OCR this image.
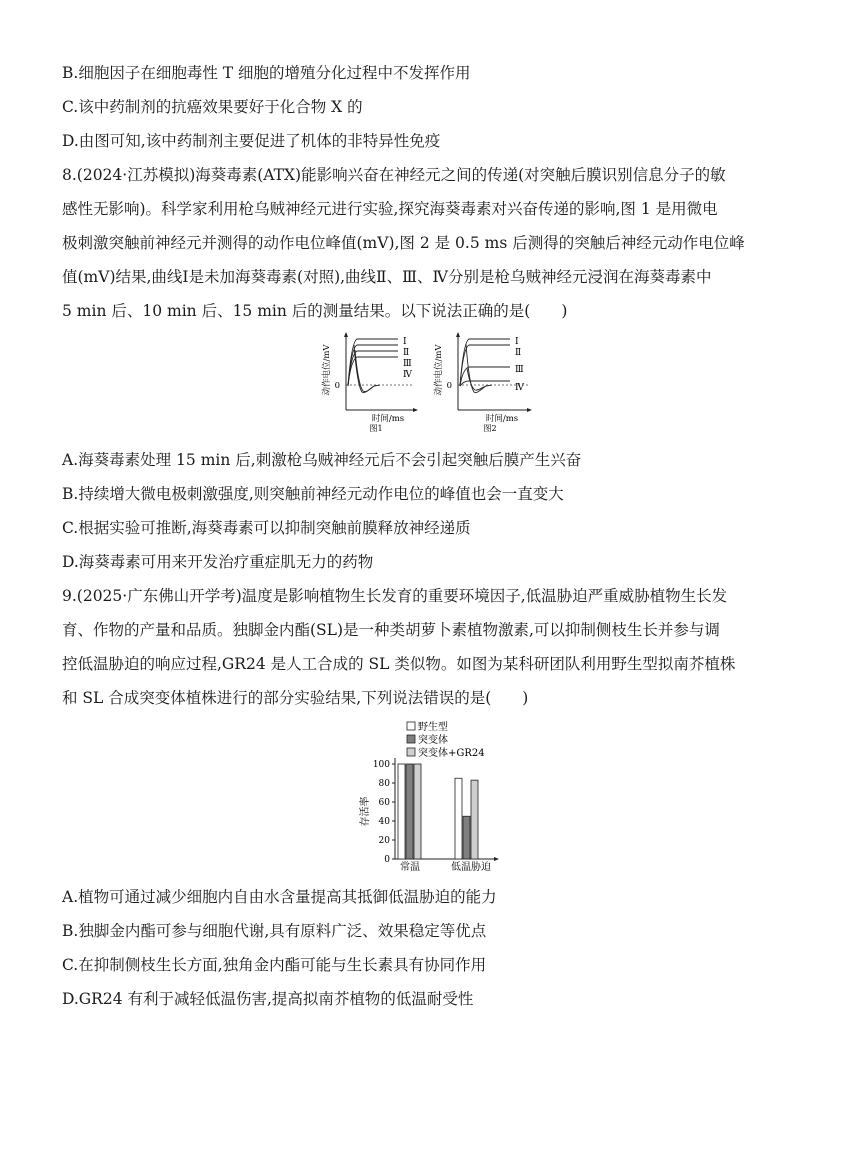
B.细胞因子在细胞毒性 T 细胞的增殖分化过程中不发挥作用
C.该中药制剂的抗癌效果要好于化合物 X 的
D.由图可知,该中药制剂主要促进了机体的非特异性免疫
8.(2024·江苏模拟)海葵毒素(ATX)能影响兴奋在神经元之间的传递(对突触后膜识别信息分子的敏
感性无影响)。科学家利用枪乌贼神经元进行实验,探究海葵毒素对兴奋传递的影响,图 1 是用微电
极刺激突触前神经元并测得的动作电位峰值(mV),图 2 是 0.5 ms 后测得的突触后神经元动作电位峰
值(mV)结果,曲线Ⅰ是未加海葵毒素(对照),曲线Ⅱ、Ⅲ、Ⅳ分别是枪乌贼神经元浸润在海葵毒素中
5 min 后、10 min 后、15 min 后的测量结果。以下说法正确的是(　　)
动作电位/mV 0
Ⅰ
Ⅱ
Ⅲ
Ⅳ
时间/ms
图1
动作电位/mV 0
Ⅰ
Ⅱ
Ⅲ
Ⅳ
时间/ms
图2
A.海葵毒素处理 15 min 后,刺激枪乌贼神经元后不会引起突触后膜产生兴奋
B.持续增大微电极刺激强度,则突触前神经元动作电位的峰值也会一直变大
C.根据实验可推断,海葵毒素可以抑制突触前膜释放神经递质
D.海葵毒素可用来开发治疗重症肌无力的药物
9.(2025·广东佛山开学考)温度是影响植物生长发育的重要环境因子,低温胁迫严重威胁植物生长发
育、作物的产量和品质。独脚金内酯(SL)是一种类胡萝卜素植物激素,可以抑制侧枝生长并参与调
控低温胁迫的响应过程,GR24 是人工合成的 SL 类似物。如图为某科研团队利用野生型拟南芥植株
和 SL 合成突变体植株进行的部分实验结果,下列说法错误的是(　　)
野生型
突变体
突变体+GR24
0
20
40
60
80
100
存活率
常温	低温胁迫
A.植物可通过减少细胞内自由水含量提高其抵御低温胁迫的能力
B.独脚金内酯可参与细胞代谢,具有原料广泛、效果稳定等优点
C.在抑制侧枝生长方面,独角金内酯可能与生长素具有协同作用
D.GR24 有利于减轻低温伤害,提高拟南芥植物的低温耐受性
